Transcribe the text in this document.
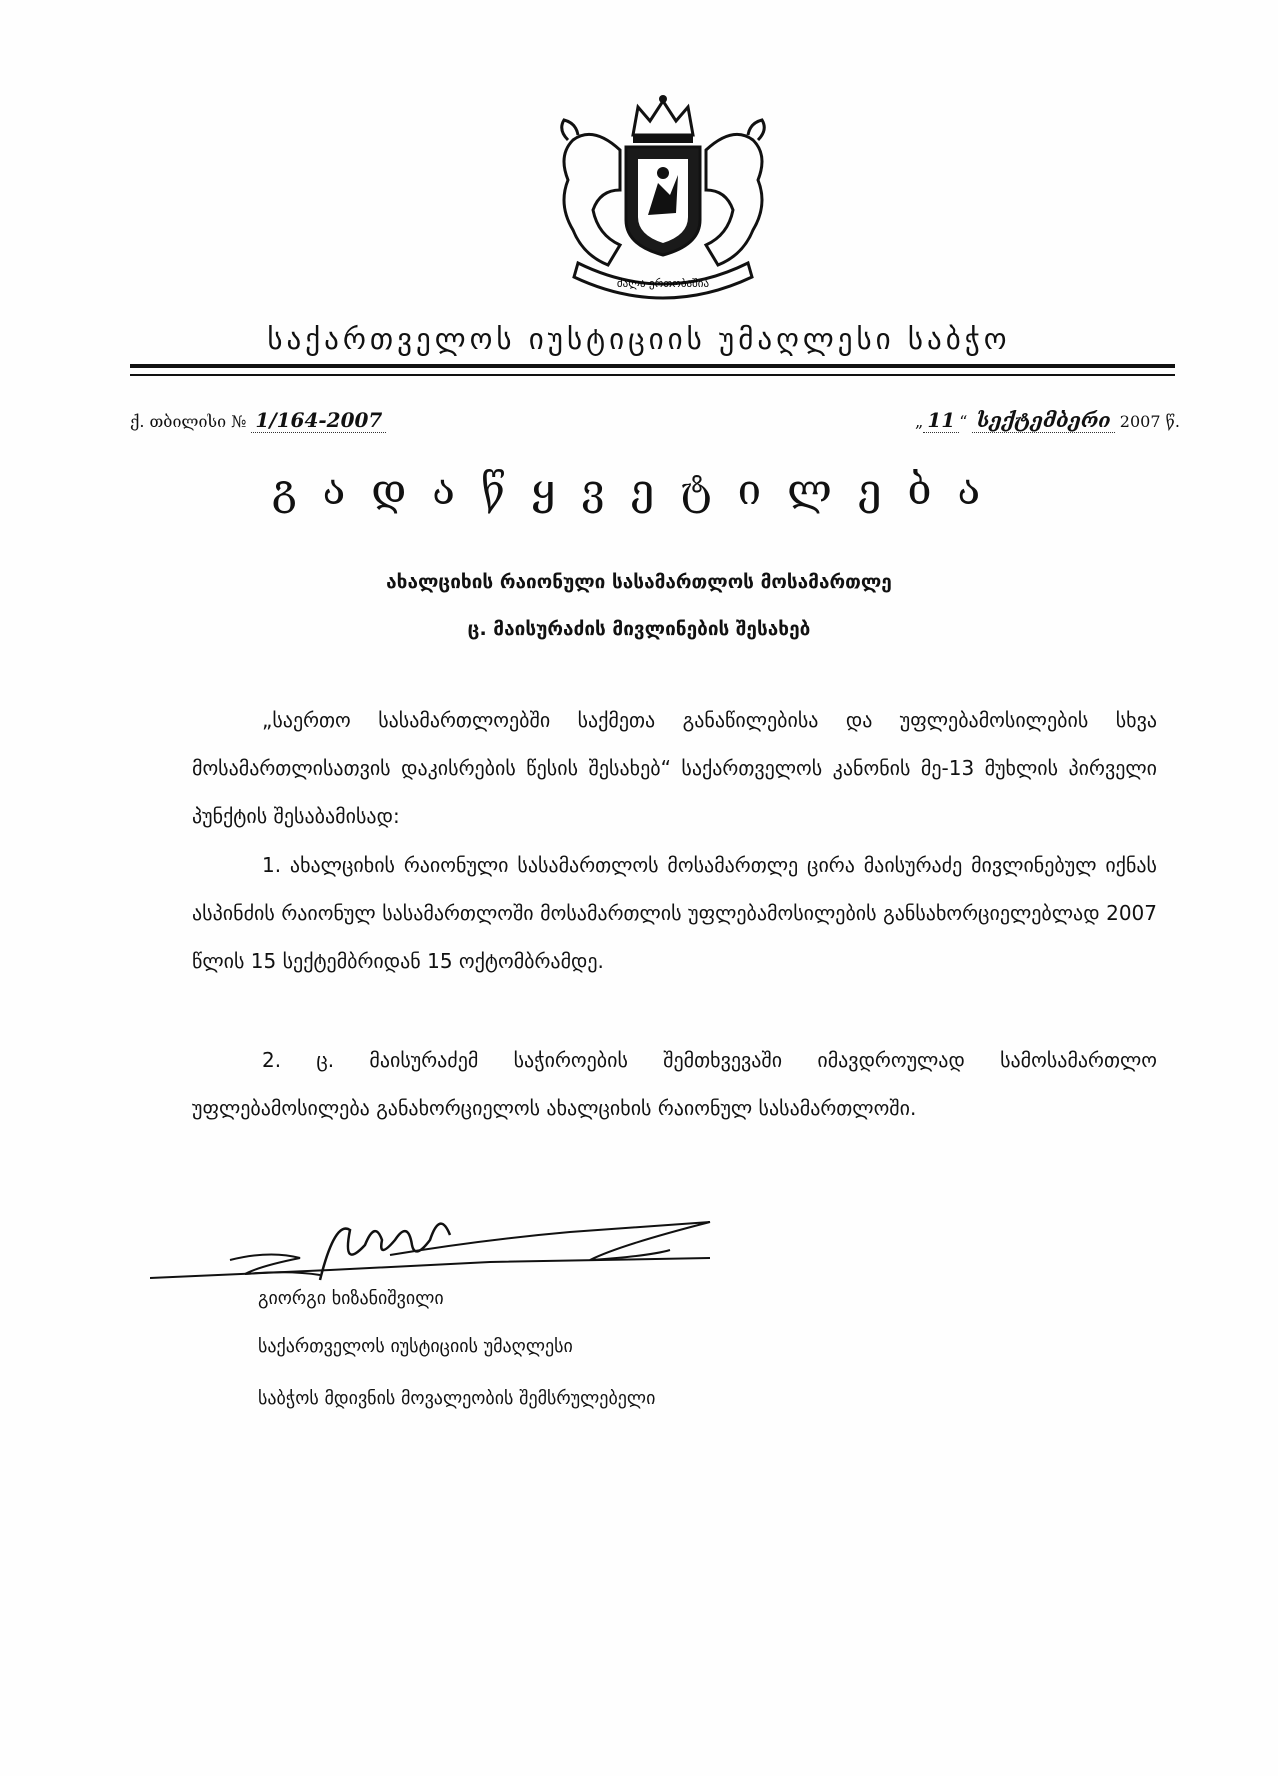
ძალა ერთობაშია
საქართველოს იუსტიციის უმაღლესი საბჭო
ქ. თბილისი № 1/164-2007	„ 11 “ სექტემბერი 2007 წ.
გადაწყვეტილება
ახალციხის რაიონული სასამართლოს მოსამართლე
ც. მაისურაძის მივლინების შესახებ

„საერთო სასამართლოებში საქმეთა განაწილებისა და უფლებამოსილების სხვა მოსამართლისათვის დაკისრების წესის შესახებ“ საქართველოს კანონის მე-13 მუხლის პირველი პუნქტის შესაბამისად:

1. ახალციხის რაიონული სასამართლოს მოსამართლე ცირა მაისურაძე მივლინებულ იქნას ასპინძის რაიონულ სასამართლოში მოსამართლის უფლებამოსილების განსახორციელებლად 2007 წლის 15 სექტემბრიდან 15 ოქტომბრამდე.

2. ც. მაისურაძემ საჭიროების შემთხვევაში იმავდროულად სამოსამართლო უფლებამოსილება განახორციელოს ახალციხის რაიონულ სასამართლოში.

გიორგი ხიზანიშვილი
საქართველოს იუსტიციის უმაღლესი
საბჭოს მდივნის მოვალეობის შემსრულებელი
